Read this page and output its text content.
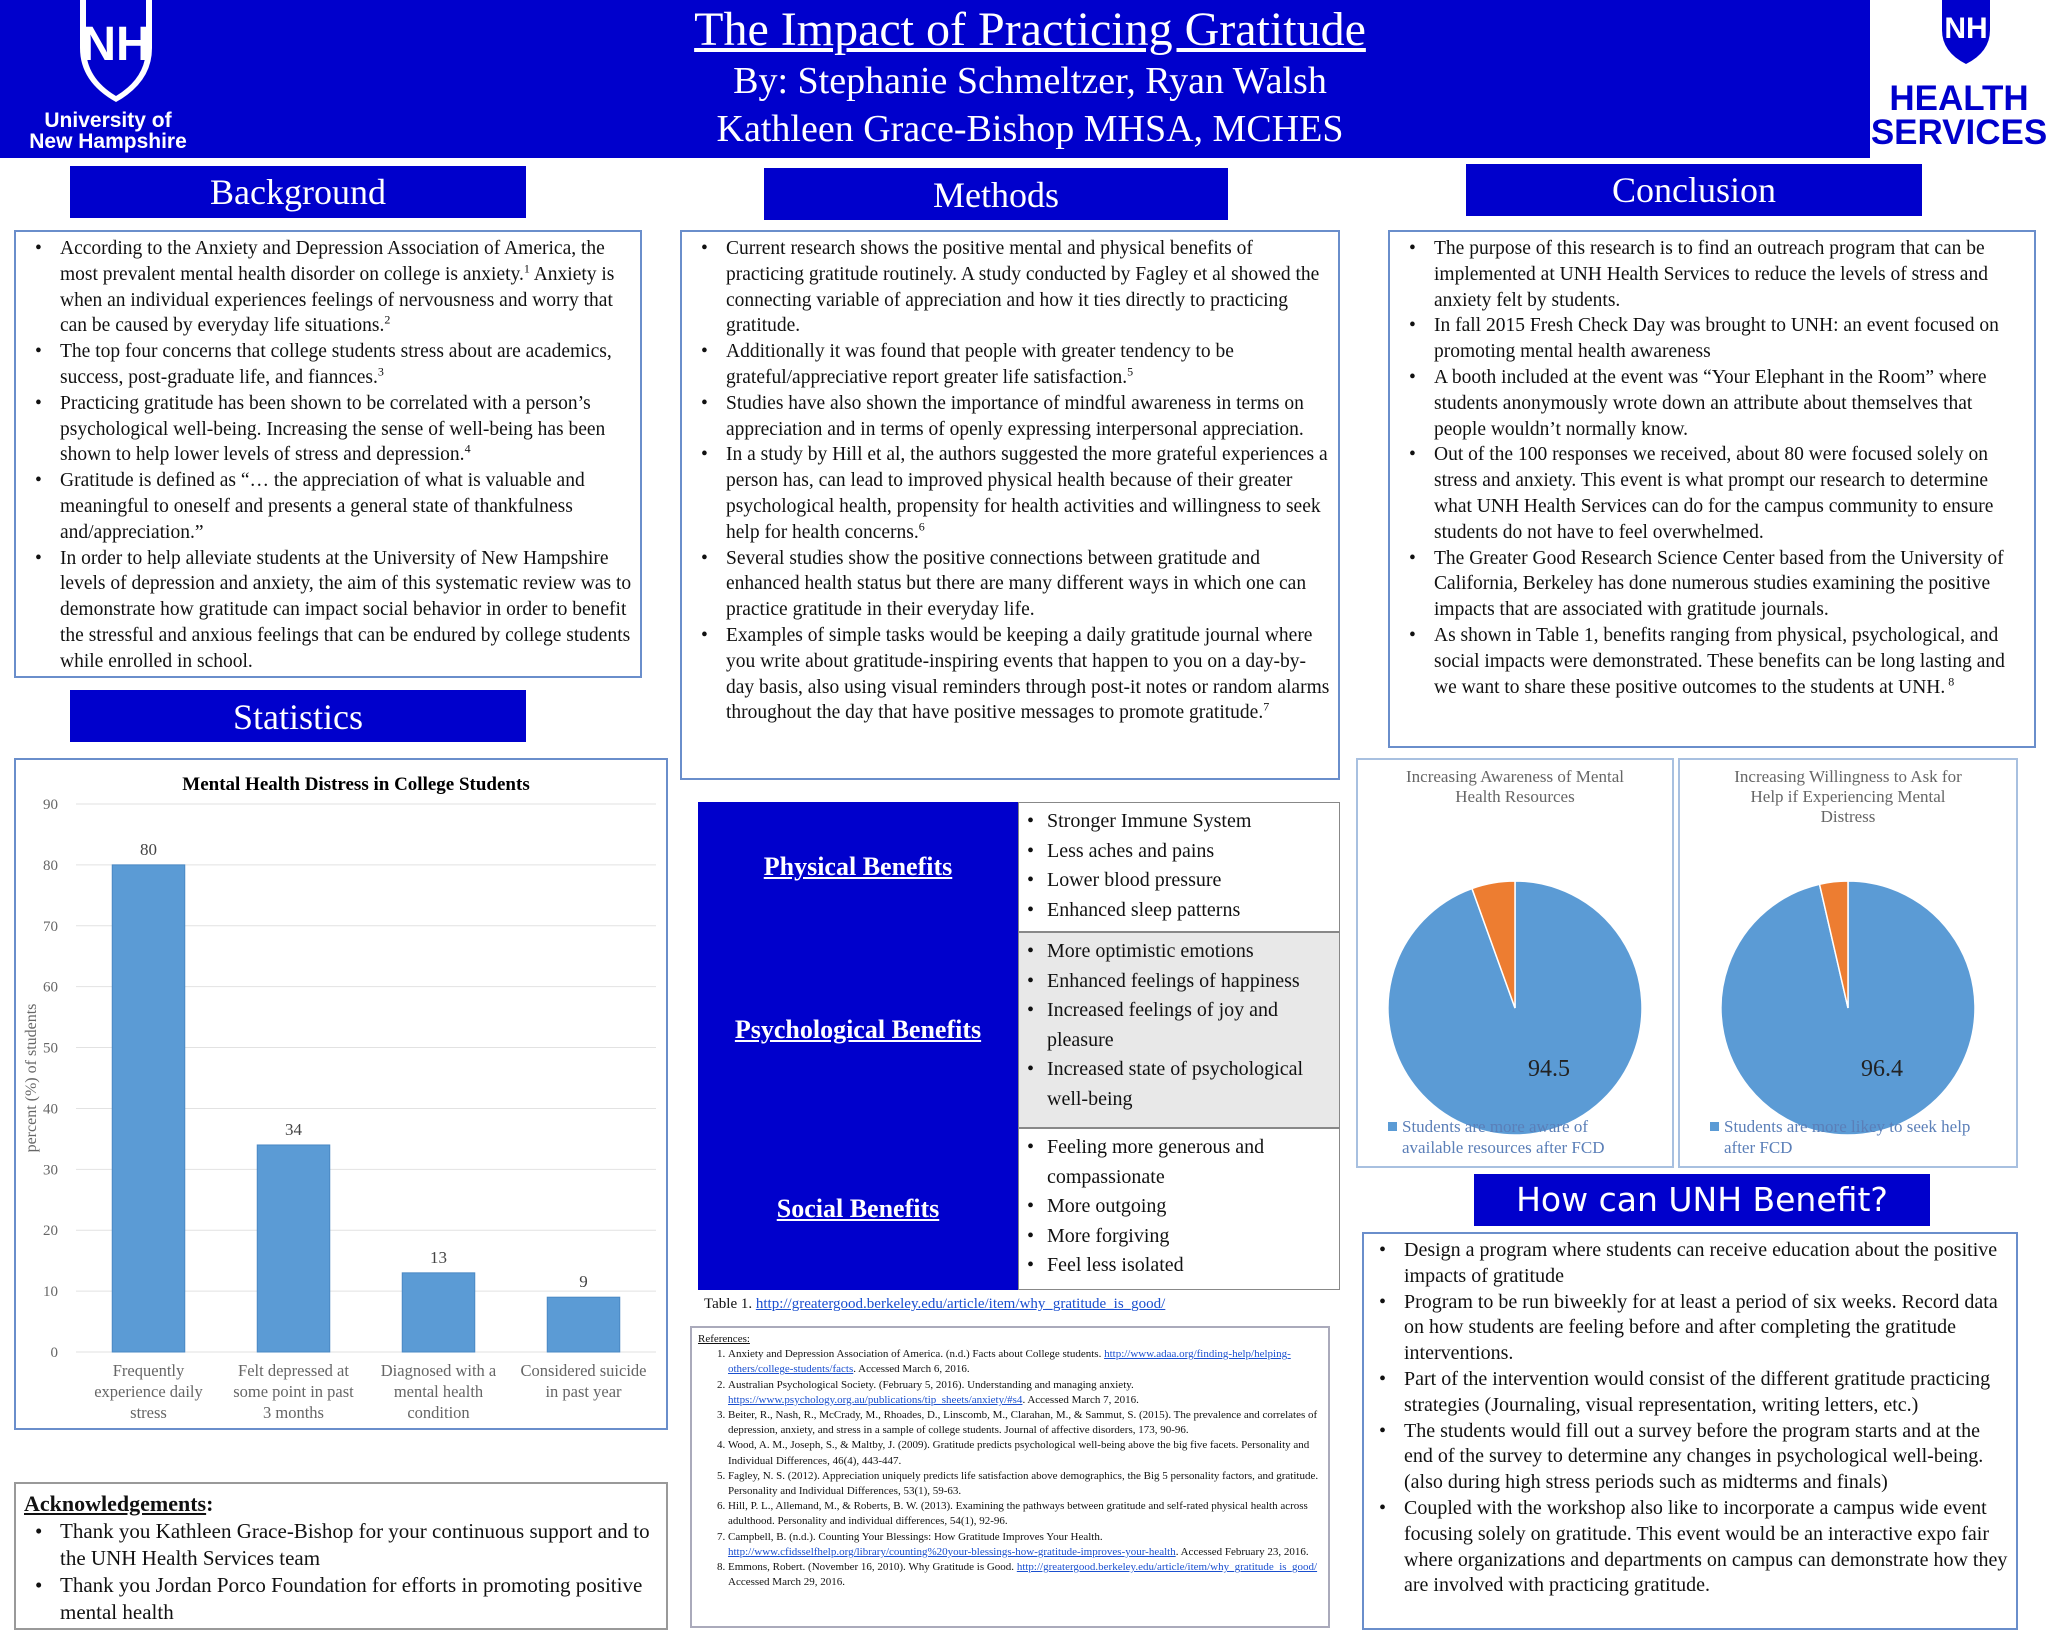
NH
University of
New Hampshire
The Impact of Practicing Gratitude
By: Stephanie Schmeltzer, Ryan Walsh
Kathleen Grace-Bishop MHSA, MCHES
NH
HEALTH
SERVICES
Background	Methods	Conclusion
Statistics
How can UNH Benefit?
• According to the Anxiety and Depression Association of America, the most prevalent mental health disorder on college is anxiety.$^1$ Anxiety is when an individual experiences feelings of nervousness and worry that can be caused by everyday life situations.$^2$
• The top four concerns that college students stress about are academics, success, post-graduate life, and fiannces.$^3$
• Practicing gratitude has been shown to be correlated with a person’s psychological well-being. Increasing the sense of well-being has been shown to help lower levels of stress and depression.$^4$
• Gratitude is defined as “… the appreciation of what is valuable and meaningful to oneself and presents a general state of thankfulness and/appreciation.”
• In order to help alleviate students at the University of New Hampshire levels of depression and anxiety, the aim of this systematic review was to demonstrate how gratitude can impact social behavior in order to benefit the stressful and anxious feelings that can be endured by college students while enrolled in school.
• Current research shows the positive mental and physical benefits of practicing gratitude routinely. A study conducted by Fagley et al showed the connecting variable of appreciation and how it ties directly to practicing gratitude.
• Additionally it was found that people with greater tendency to be grateful/appreciative report greater life satisfaction.$^5$
• Studies have also shown the importance of mindful awareness in terms on appreciation and in terms of openly expressing interpersonal appreciation.
• In a study by Hill et al, the authors suggested the more grateful experiences a person has, can lead to improved physical health because of their greater psychological health, propensity for health activities and willingness to seek help for health concerns.$^6$
• Several studies show the positive connections between gratitude and enhanced health status but there are many different ways in which one can practice gratitude in their everyday life.
• Examples of simple tasks would be keeping a daily gratitude journal where you write about gratitude-inspiring events that happen to you on a day-by-day basis, also using visual reminders through post-it notes or random alarms throughout the day that have positive messages to promote gratitude.$^7$
• The purpose of this research is to find an outreach program that can be implemented at UNH Health Services to reduce the levels of stress and anxiety felt by students.
• In fall 2015 Fresh Check Day was brought to UNH: an event focused on promoting mental health awareness
• A booth included at the event was “Your Elephant in the Room” where students anonymously wrote down an attribute about themselves that people wouldn’t normally know.
• Out of the 100 responses we received, about 80 were focused solely on stress and anxiety. This event is what prompt our research to determine what UNH Health Services can do for the campus community to ensure students do not have to feel overwhelmed.
• The Greater Good Research Science Center based from the University of California, Berkeley has done numerous studies examining the positive impacts that are associated with gratitude journals.
• As shown in Table 1, benefits ranging from physical, psychological, and social impacts were demonstrated. These benefits can be long lasting and we want to share these positive outcomes to the students at UNH. $^8$
Mental Health Distress in College Students
0
10
20
30
40
50
60
70
80
90
percent (%) of students
80
Frequently
experience daily
stress
34
Felt depressed at
some point in past
3 months
13
Diagnosed with a
mental health
condition
9
Considered suicide
in past year
Physical Benefits
• Stronger Immune System
• Less aches and pains
• Lower blood pressure
• Enhanced sleep patterns
Psychological Benefits
• More optimistic emotions
• Enhanced feelings of happiness
• Increased feelings of joy and pleasure
• Increased state of psychological well-being
Social Benefits
• Feeling more generous and compassionate
• More outgoing
• More forgiving
• Feel less isolated
Table 1. http://greatergood.berkeley.edu/article/item/why_gratitude_is_good/
References:
1. Anxiety and Depression Association of America. (n.d.) Facts about College students. http://www.adaa.org/finding-help/helping-others/college-students/facts. Accessed March 6, 2016.
2. Australian Psychological Society. (February 5, 2016). Understanding and managing anxiety. https://www.psychology.org.au/publications/tip_sheets/anxiety/#s4. Accessed March 7, 2016.
3. Beiter, R., Nash, R., McCrady, M., Rhoades, D., Linscomb, M., Clarahan, M., & Sammut, S. (2015). The prevalence and correlates of depression, anxiety, and stress in a sample of college students. Journal of affective disorders, 173, 90-96.
4. Wood, A. M., Joseph, S., & Maltby, J. (2009). Gratitude predicts psychological well-being above the big five facets. Personality and Individual Differences, 46(4), 443-447.
5. Fagley, N. S. (2012). Appreciation uniquely predicts life satisfaction above demographics, the Big 5 personality factors, and gratitude. Personality and Individual Differences, 53(1), 59-63.
6. Hill, P. L., Allemand, M., & Roberts, B. W. (2013). Examining the pathways between gratitude and self-rated physical health across adulthood. Personality and individual differences, 54(1), 92-96.
7. Campbell, B. (n.d.). Counting Your Blessings: How Gratitude Improves Your Health. http://www.cfidsselfhelp.org/library/counting%20your-blessings-how-gratitude-improves-your-health. Accessed February 23, 2016.
8. Emmons, Robert. (November 16, 2010). Why Gratitude is Good. http://greatergood.berkeley.edu/article/item/why_gratitude_is_good/ Accessed March 29, 2016.
Acknowledgements:
• Thank you Kathleen Grace-Bishop for your continuous support and to the UNH Health Services team
• Thank you Jordan Porco Foundation for efforts in promoting positive mental health
Increasing Awareness of Mental
Health Resources
94.5
Students are more aware of
available resources after FCD
Increasing Willingness to Ask for
Help if Experiencing Mental
Distress
96.4
Students are more likey to seek help
after FCD
• Design a program where students can receive education about the positive impacts of gratitude
• Program to be run biweekly for at least a period of six weeks. Record data on how students are feeling before and after completing the gratitude interventions.
• Part of the intervention would consist of the different gratitude practicing strategies (Journaling, visual representation, writing letters, etc.)
• The students would fill out a survey before the program starts and at the end of the survey to determine any changes in psychological well-being. (also during high stress periods such as midterms and finals)
• Coupled with the workshop also like to incorporate a campus wide event focusing solely on gratitude. This event would be an interactive expo fair where organizations and departments on campus can demonstrate how they are involved with practicing gratitude.
